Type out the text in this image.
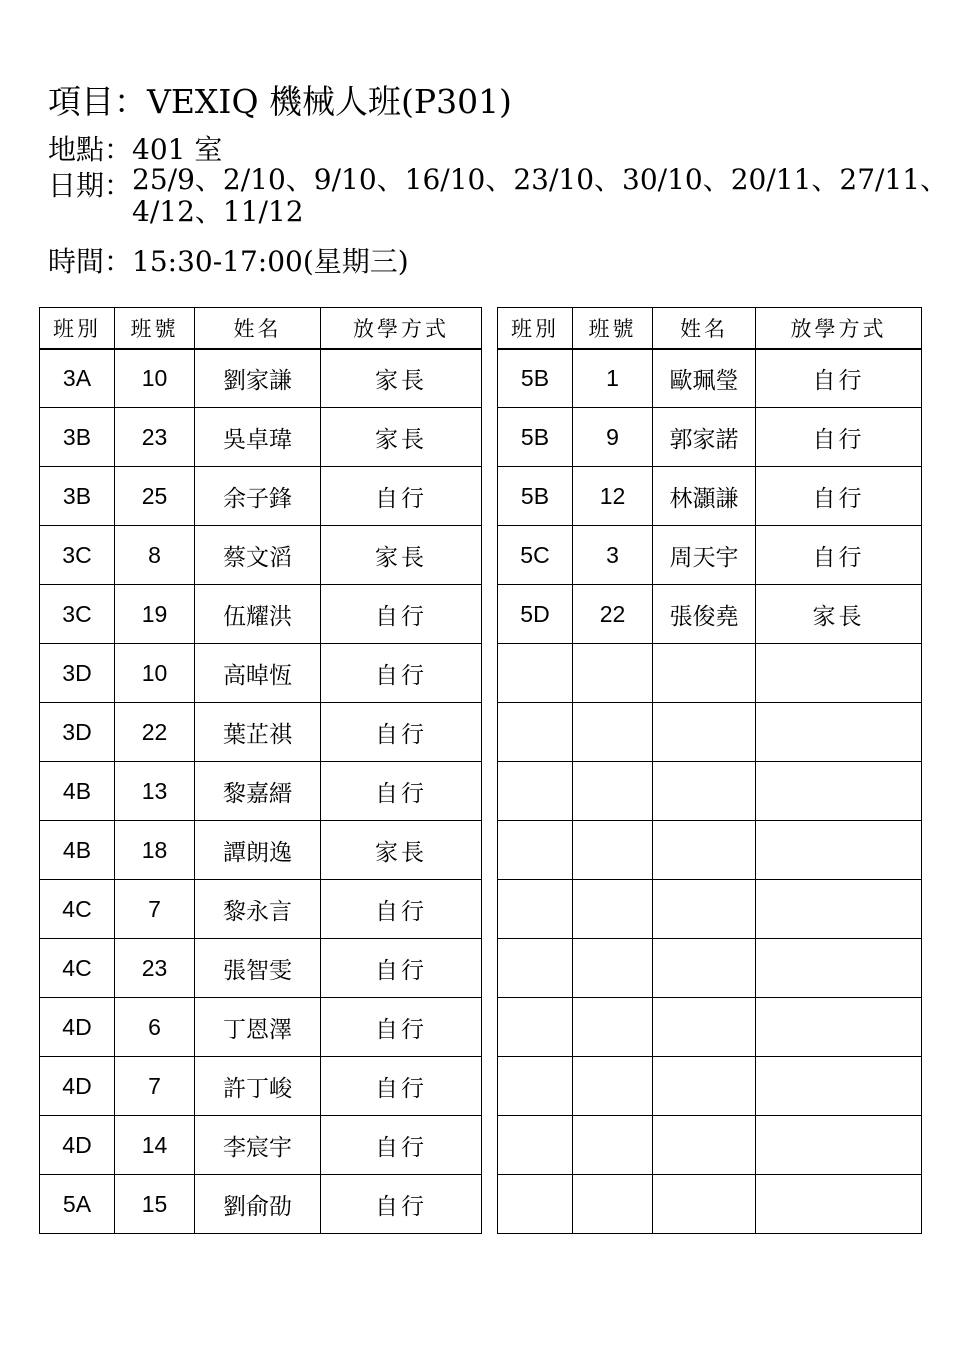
項目：VEXIQ 機械人班(P301)
地點：401 室
日期：25/9、2/10、9/10、16/10、23/10、30/10、20/11、27/11、
4/12、11/12
時間：15:30-17:00(星期三)
班別	班號	姓名	放學方式
3A	10	劉家謙	家長
3B	23	吳卓瑋	家長
3B	25	余子鋒	自行
3C	8	蔡文滔	家長
3C	19	伍耀洪	自行
3D	10	高晫恆	自行
3D	22	葉芷祺	自行
4B	13	黎嘉縉	自行
4B	18	譚朗逸	家長
4C	7	黎永言	自行
4C	23	張智雯	自行
4D	6	丁恩澤	自行
4D	7	許丁峻	自行
4D	14	李宸宇	自行
5A	15	劉俞劭	自行
班別	班號	姓名	放學方式
5B	1	歐珮瑩	自行
5B	9	郭家諾	自行
5B	12	林灝謙	自行
5C	3	周天宇	自行
5D	22	張俊堯	家長
